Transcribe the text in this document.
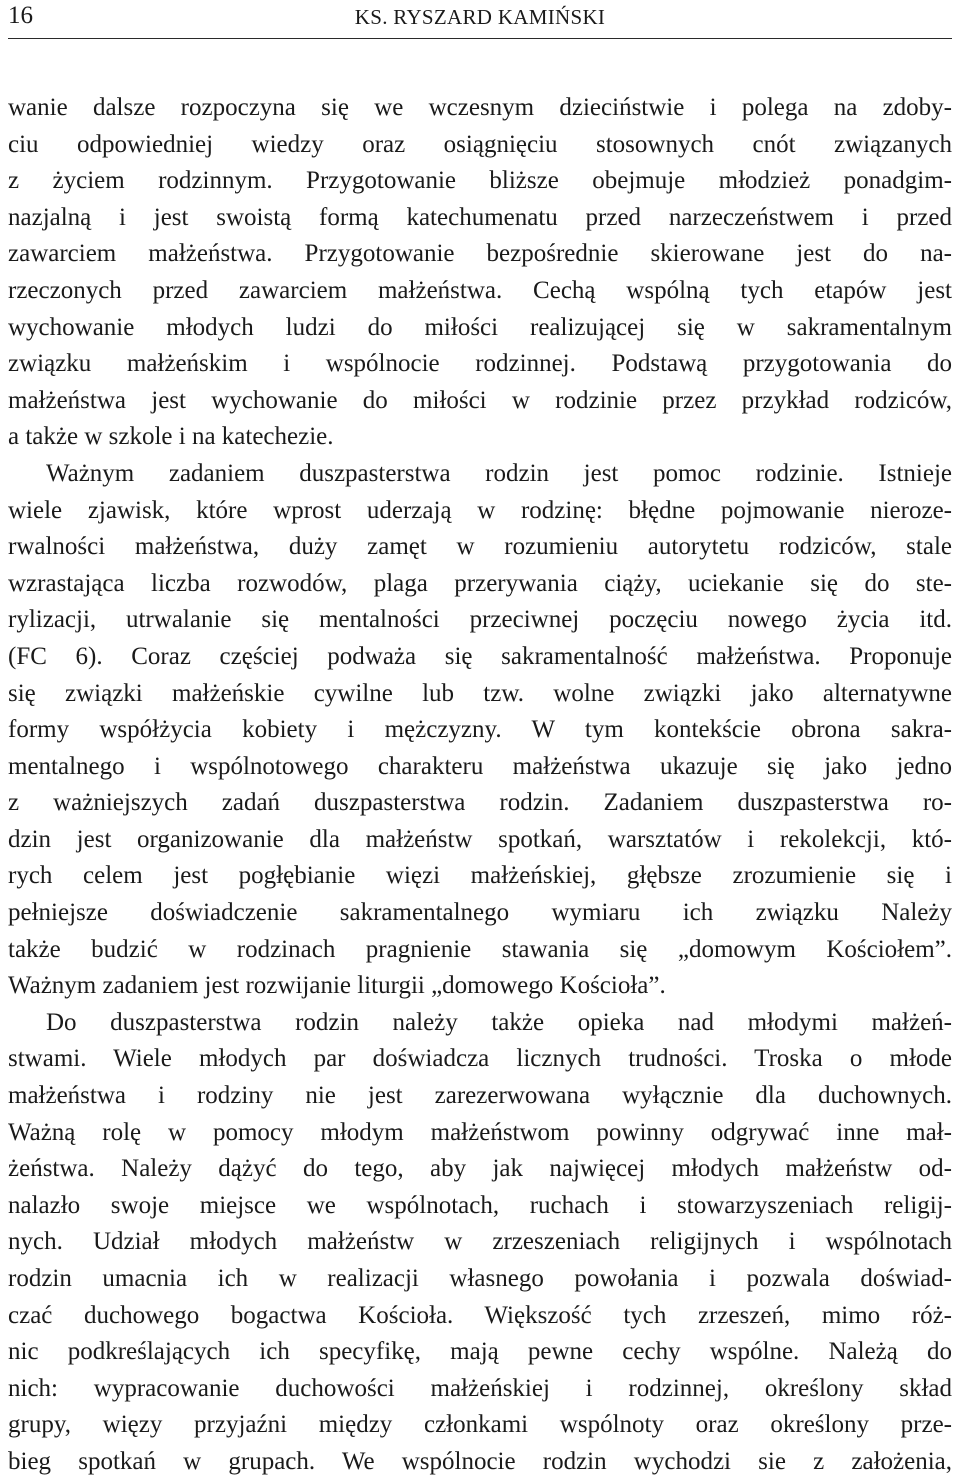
16	KS. RYSZARD KAMIŃSKI
wanie dalsze rozpoczyna się we wczesnym dzieciństwie i polega na zdoby-
ciu odpowiedniej wiedzy oraz osiągnięciu stosownych cnót związanych
z życiem rodzinnym. Przygotowanie bliższe obejmuje młodzież ponadgim-
nazjalną i jest swoistą formą katechumenatu przed narzeczeństwem i przed
zawarciem małżeństwa. Przygotowanie bezpośrednie skierowane jest do na-
rzeczonych przed zawarciem małżeństwa. Cechą wspólną tych etapów jest
wychowanie młodych ludzi do miłości realizującej się w sakramentalnym
związku małżeńskim i wspólnocie rodzinnej. Podstawą przygotowania do
małżeństwa jest wychowanie do miłości w rodzinie przez przykład rodziców,
a także w szkole i na katechezie.
Ważnym zadaniem duszpasterstwa rodzin jest pomoc rodzinie. Istnieje
wiele zjawisk, które wprost uderzają w rodzinę: błędne pojmowanie nieroze-
rwalności małżeństwa, duży zamęt w rozumieniu autorytetu rodziców, stale
wzrastająca liczba rozwodów, plaga przerywania ciąży, uciekanie się do ste-
rylizacji, utrwalanie się mentalności przeciwnej poczęciu nowego życia itd.
(FC 6). Coraz częściej podważa się sakramentalność małżeństwa. Proponuje
się związki małżeńskie cywilne lub tzw. wolne związki jako alternatywne
formy współżycia kobiety i mężczyzny. W tym kontekście obrona sakra-
mentalnego i wspólnotowego charakteru małżeństwa ukazuje się jako jedno
z ważniejszych zadań duszpasterstwa rodzin. Zadaniem duszpasterstwa ro-
dzin jest organizowanie dla małżeństw spotkań, warsztatów i rekolekcji, któ-
rych celem jest pogłębianie więzi małżeńskiej, głębsze zrozumienie się i
pełniejsze doświadczenie sakramentalnego wymiaru ich związku Należy
także budzić w rodzinach pragnienie stawania się „domowym Kościołem”.
Ważnym zadaniem jest rozwijanie liturgii „domowego Kościoła”.
Do duszpasterstwa rodzin należy także opieka nad młodymi małżeń-
stwami. Wiele młodych par doświadcza licznych trudności. Troska o młode
małżeństwa i rodziny nie jest zarezerwowana wyłącznie dla duchownych.
Ważną rolę w pomocy młodym małżeństwom powinny odgrywać inne mał-
żeństwa. Należy dążyć do tego, aby jak najwięcej młodych małżeństw od-
nalazło swoje miejsce we wspólnotach, ruchach i stowarzyszeniach religij-
nych. Udział młodych małżeństw w zrzeszeniach religijnych i wspólnotach
rodzin umacnia ich w realizacji własnego powołania i pozwala doświad-
czać duchowego bogactwa Kościoła. Większość tych zrzeszeń, mimo róż-
nic podkreślających ich specyfikę, mają pewne cechy wspólne. Należą do
nich: wypracowanie duchowości małżeńskiej i rodzinnej, określony skład
grupy, więzy przyjaźni między członkami wspólnoty oraz określony prze-
bieg spotkań w grupach. We wspólnocie rodzin wychodzi sie z założenia,
